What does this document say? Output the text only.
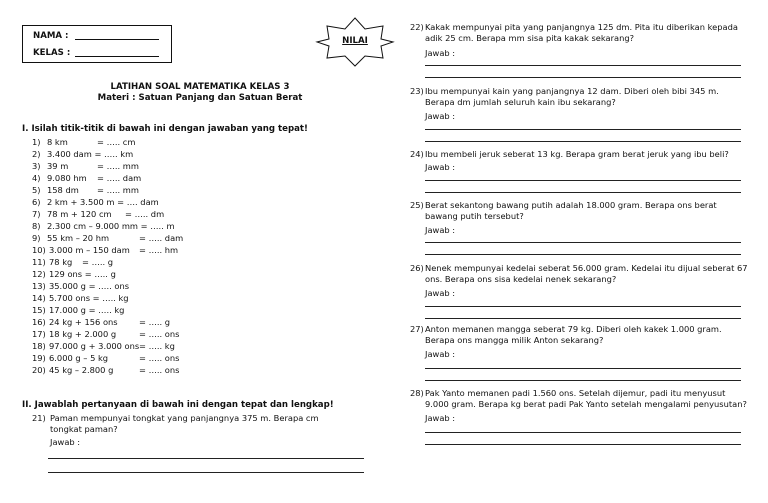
NAMA :
KELAS :
NILAI
LATIHAN SOAL MATEMATIKA KELAS 3
Materi : Satuan Panjang dan Satuan Berat
I. Isilah titik-titik di bawah ini dengan jawaban yang tepat!
1) 8 km	= ….. cm
2) 3.400 dam = ….. km
3) 39 m	= ….. mm
4) 9.080 hm = ….. dam
5) 158 dm = ….. mm
6) 2 km + 3.500 m = …. dam
7) 78 m + 120 cm = ….. dm
8) 2.300 cm – 9.000 mm = ….. m
9) 55 km – 20 hm	= ….. dam
10) 3.000 m – 150 dam = ….. hm
11) 78 kg = ….. g
12) 129 ons = ….. g
13) 35.000 g = ….. ons
14) 5.700 ons = ….. kg
15) 17.000 g = ….. kg
16) 24 kg + 156 ons	= ….. g
17) 18 kg + 2.000 g	= ….. ons
18) 97.000 g + 3.000 ons= ….. kg
19) 6.000 g – 5 kg	= ….. ons
20) 45 kg – 2.800 g	= ….. ons
II. Jawablah pertanyaan di bawah ini dengan tepat dan lengkap!
21) Paman mempunyai tongkat yang panjangnya 375 m. Berapa cm tongkat paman?
Jawab :
22) Kakak mempunyai pita yang panjangnya 125 dm. Pita itu diberikan kepada adik 25 cm. Berapa mm sisa pita kakak sekarang?
Jawab :
23) Ibu mempunyai kain yang panjangnya 12 dam. Diberi oleh bibi 345 m. Berapa dm jumlah seluruh kain ibu sekarang?
Jawab :
24) Ibu membeli jeruk seberat 13 kg. Berapa gram berat jeruk yang ibu beli?
Jawab :
25) Berat sekantong bawang putih adalah 18.000 gram. Berapa ons berat bawang putih tersebut?
Jawab :
26) Nenek mempunyai kedelai seberat 56.000 gram. Kedelai itu dijual seberat 67 ons. Berapa ons sisa kedelai nenek sekarang?
Jawab :
27) Anton memanen mangga seberat 79 kg. Diberi oleh kakek 1.000 gram. Berapa ons mangga milik Anton sekarang?
Jawab :
28) Pak Yanto memanen padi 1.560 ons. Setelah dijemur, padi itu menyusut 9.000 gram. Berapa kg berat padi Pak Yanto setelah mengalami penyusutan?
Jawab :
